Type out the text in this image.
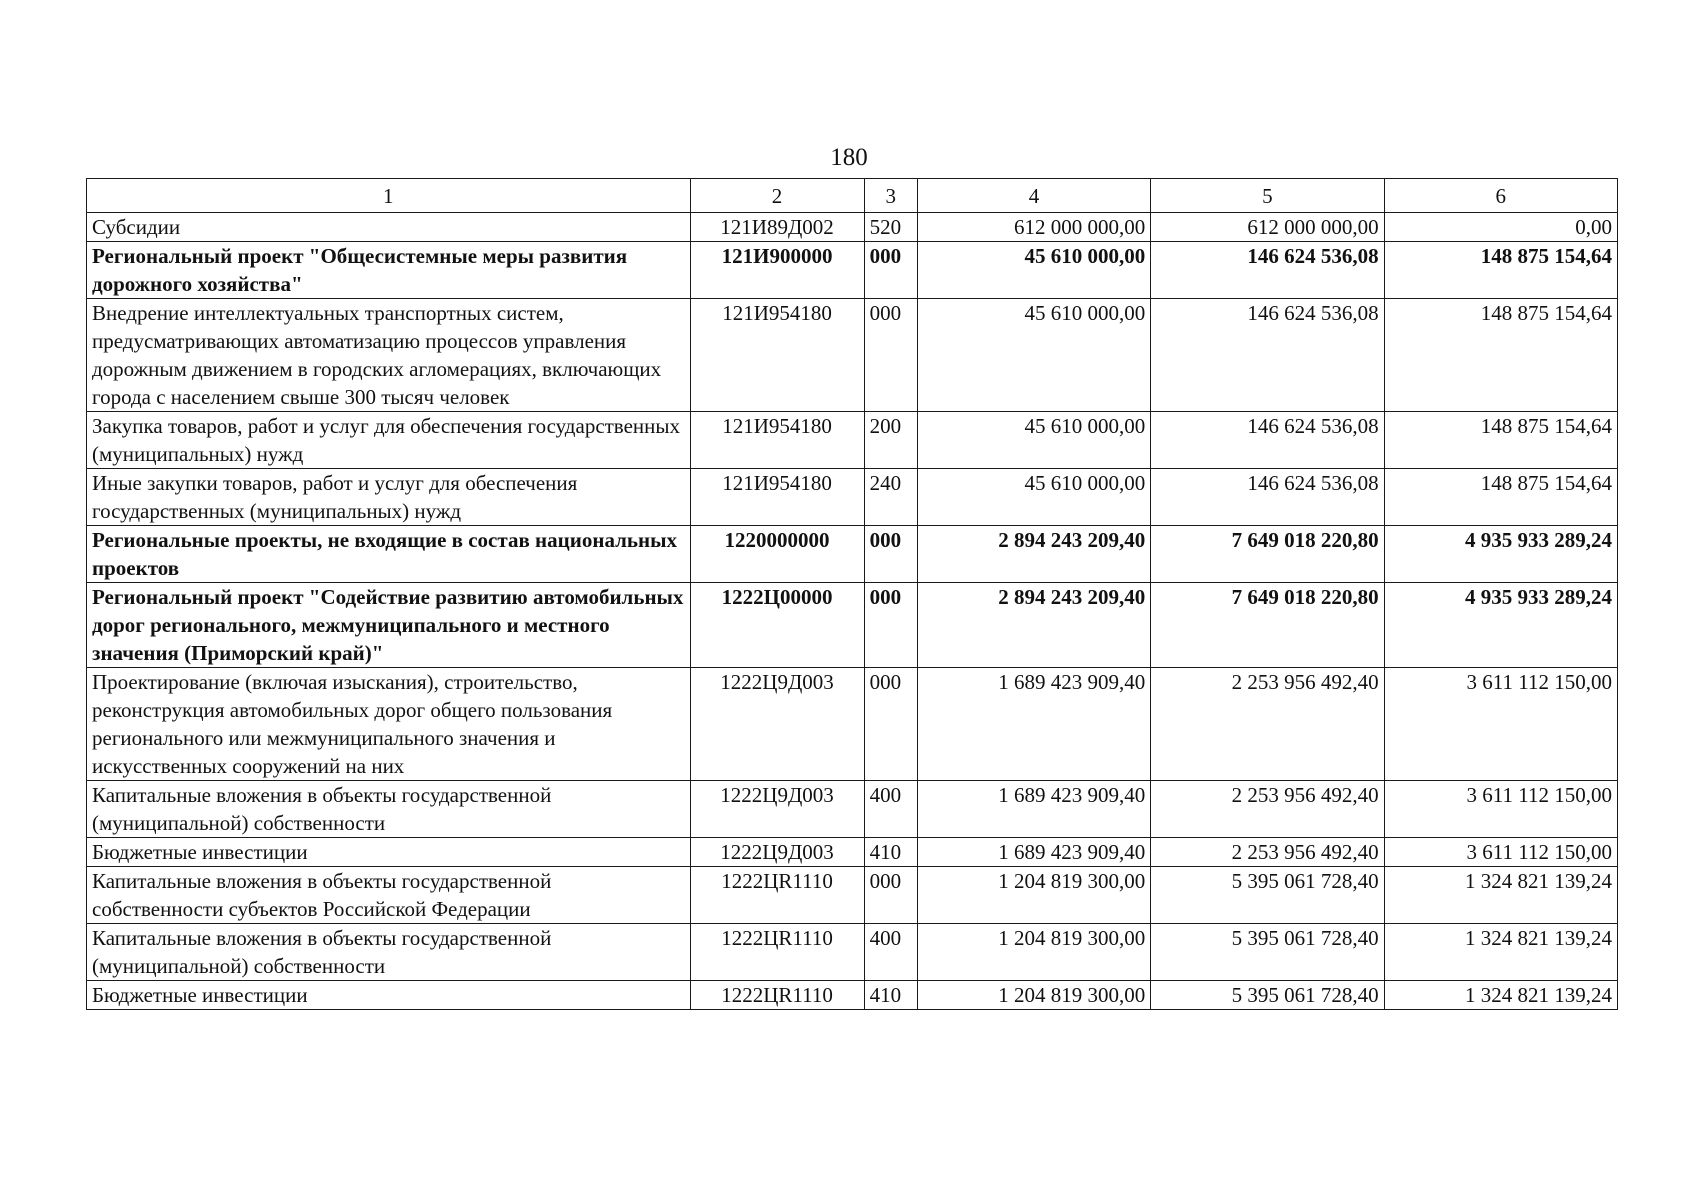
180
1	2	3	4	5	6
Субсидии	121И89Д002	520	612 000 000,00	612 000 000,00	0,00
Региональный проект "Общесистемные меры развития дорожного хозяйства"	121И900000	000	45 610 000,00	146 624 536,08	148 875 154,64
Внедрение интеллектуальных транспортных систем, предусматривающих автоматизацию процессов управления дорожным движением в городских агломерациях, включающих города с населением свыше 300 тысяч человек	121И954180	000	45 610 000,00	146 624 536,08	148 875 154,64
Закупка товаров, работ и услуг для обеспечения государственных (муниципальных) нужд	121И954180	200	45 610 000,00	146 624 536,08	148 875 154,64
Иные закупки товаров, работ и услуг для обеспечения государственных (муниципальных) нужд	121И954180	240	45 610 000,00	146 624 536,08	148 875 154,64
Региональные проекты, не входящие в состав национальных проектов	1220000000	000	2 894 243 209,40	7 649 018 220,80	4 935 933 289,24
Региональный проект "Содействие развитию автомобильных дорог регионального, межмуниципального и местного значения (Приморский край)"	1222Ц00000	000	2 894 243 209,40	7 649 018 220,80	4 935 933 289,24
Проектирование (включая изыскания), строительство, реконструкция автомобильных дорог общего пользования регионального или межмуниципального значения и искусственных сооружений на них	1222Ц9Д003	000	1 689 423 909,40	2 253 956 492,40	3 611 112 150,00
Капитальные вложения в объекты государственной (муниципальной) собственности	1222Ц9Д003	400	1 689 423 909,40	2 253 956 492,40	3 611 112 150,00
Бюджетные инвестиции	1222Ц9Д003	410	1 689 423 909,40	2 253 956 492,40	3 611 112 150,00
Капитальные вложения в объекты государственной собственности субъектов Российской Федерации	1222ЦR1110	000	1 204 819 300,00	5 395 061 728,40	1 324 821 139,24
Капитальные вложения в объекты государственной (муниципальной) собственности	1222ЦR1110	400	1 204 819 300,00	5 395 061 728,40	1 324 821 139,24
Бюджетные инвестиции	1222ЦR1110	410	1 204 819 300,00	5 395 061 728,40	1 324 821 139,24
